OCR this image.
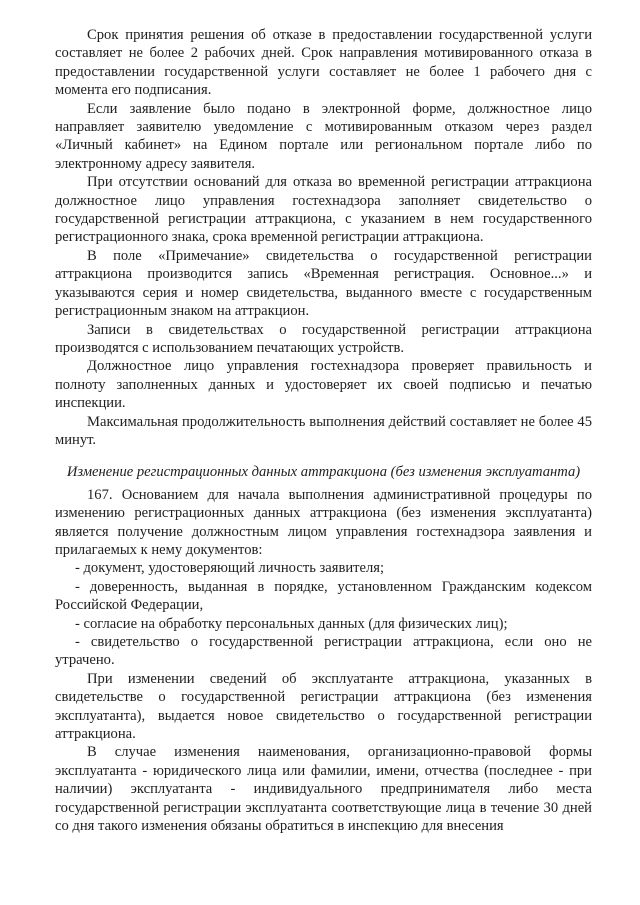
Срок принятия решения об отказе в предоставлении государственной услуги составляет не более 2 рабочих дней. Срок направления мотивированного отказа в предоставлении государственной услуги составляет не более 1 рабочего дня с момента его подписания.

Если заявление было подано в электронной форме, должностное лицо направляет заявителю уведомление с мотивированным отказом через раздел «Личный кабинет» на Едином портале или региональном портале либо по электронному адресу заявителя.

При отсутствии оснований для отказа во временной регистрации аттракциона должностное лицо управления гостехнадзора заполняет свидетельство о государственной регистрации аттракциона, с указанием в нем государственного регистрационного знака, срока временной регистрации аттракциона.

В поле «Примечание» свидетельства о государственной регистрации аттракциона производится запись «Временная регистрация. Основное...» и указываются серия и номер свидетельства, выданного вместе с государственным регистрационным знаком на аттракцион.

Записи в свидетельствах о государственной регистрации аттракциона производятся с использованием печатающих устройств.

Должностное лицо управления гостехнадзора проверяет правильность и полноту заполненных данных и удостоверяет их своей подписью и печатью инспекции.

Максимальная продолжительность выполнения действий составляет не более 45 минут.

Изменение регистрационных данных аттракциона (без изменения эксплуатанта)

167. Основанием для начала выполнения административной процедуры по изменению регистрационных данных аттракциона (без изменения эксплуатанта) является получение должностным лицом управления гостехнадзора заявления и прилагаемых к нему документов:

- документ, удостоверяющий личность заявителя;

- доверенность, выданная в порядке, установленном Гражданским кодексом Российской Федерации,

- согласие на обработку персональных данных (для физических лиц);

- свидетельство о государственной регистрации аттракциона, если оно не утрачено.

При изменении сведений об эксплуатанте аттракциона, указанных в свидетельстве о государственной регистрации аттракциона (без изменения эксплуатанта), выдается новое свидетельство о государственной регистрации аттракциона.

В случае изменения наименования, организационно-правовой формы эксплуатанта - юридического лица или фамилии, имени, отчества (последнее - при наличии) эксплуатанта - индивидуального предпринимателя либо места государственной регистрации эксплуатанта соответствующие лица в течение 30 дней со дня такого изменения обязаны обратиться в инспекцию для внесения
